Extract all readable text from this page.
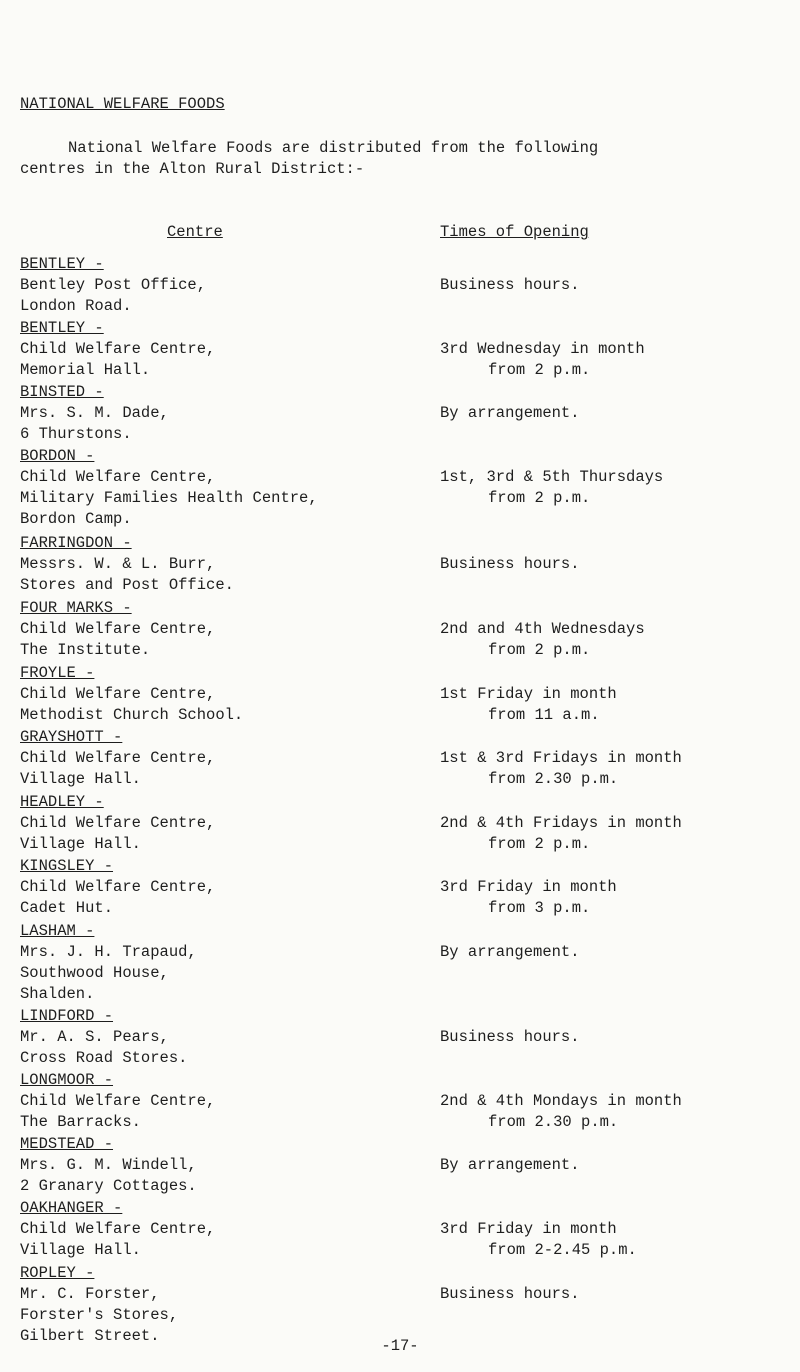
NATIONAL WELFARE FOODS

National Welfare Foods are distributed from the following

centres in the Alton Rural District:-

Centre	Times of Opening
BENTLEY -
Bentley Post Office,
London Road.
Business hours.
BENTLEY -
Child Welfare Centre,
Memorial Hall.
3rd Wednesday in month
from 2 p.m.
BINSTED -
Mrs. S. M. Dade,
6 Thurstons.
By arrangement.
BORDON -
Child Welfare Centre,
Military Families Health Centre,
Bordon Camp.
1st, 3rd & 5th Thursdays
from 2 p.m.
FARRINGDON -
Messrs. W. & L. Burr,
Stores and Post Office.
Business hours.
FOUR MARKS -
Child Welfare Centre,
The Institute.
2nd and 4th Wednesdays
from 2 p.m.
FROYLE -
Child Welfare Centre,
Methodist Church School.
1st Friday in month
from 11 a.m.
GRAYSHOTT -
Child Welfare Centre,
Village Hall.
1st & 3rd Fridays in month
from 2.30 p.m.
HEADLEY -
Child Welfare Centre,
Village Hall.
2nd & 4th Fridays in month
from 2 p.m.
KINGSLEY -
Child Welfare Centre,
Cadet Hut.
3rd Friday in month
from 3 p.m.
LASHAM -
Mrs. J. H. Trapaud,
Southwood House,
Shalden.
By arrangement.
LINDFORD -
Mr. A. S. Pears,
Cross Road Stores.
Business hours.
LONGMOOR -
Child Welfare Centre,
The Barracks.
2nd & 4th Mondays in month
from 2.30 p.m.
MEDSTEAD -
Mrs. G. M. Windell,
2 Granary Cottages.
By arrangement.
OAKHANGER -
Child Welfare Centre,
Village Hall.
3rd Friday in month
from 2-2.45 p.m.
ROPLEY -
Mr. C. Forster,
Forster's Stores,
Gilbert Street.
Business hours.
-17-
